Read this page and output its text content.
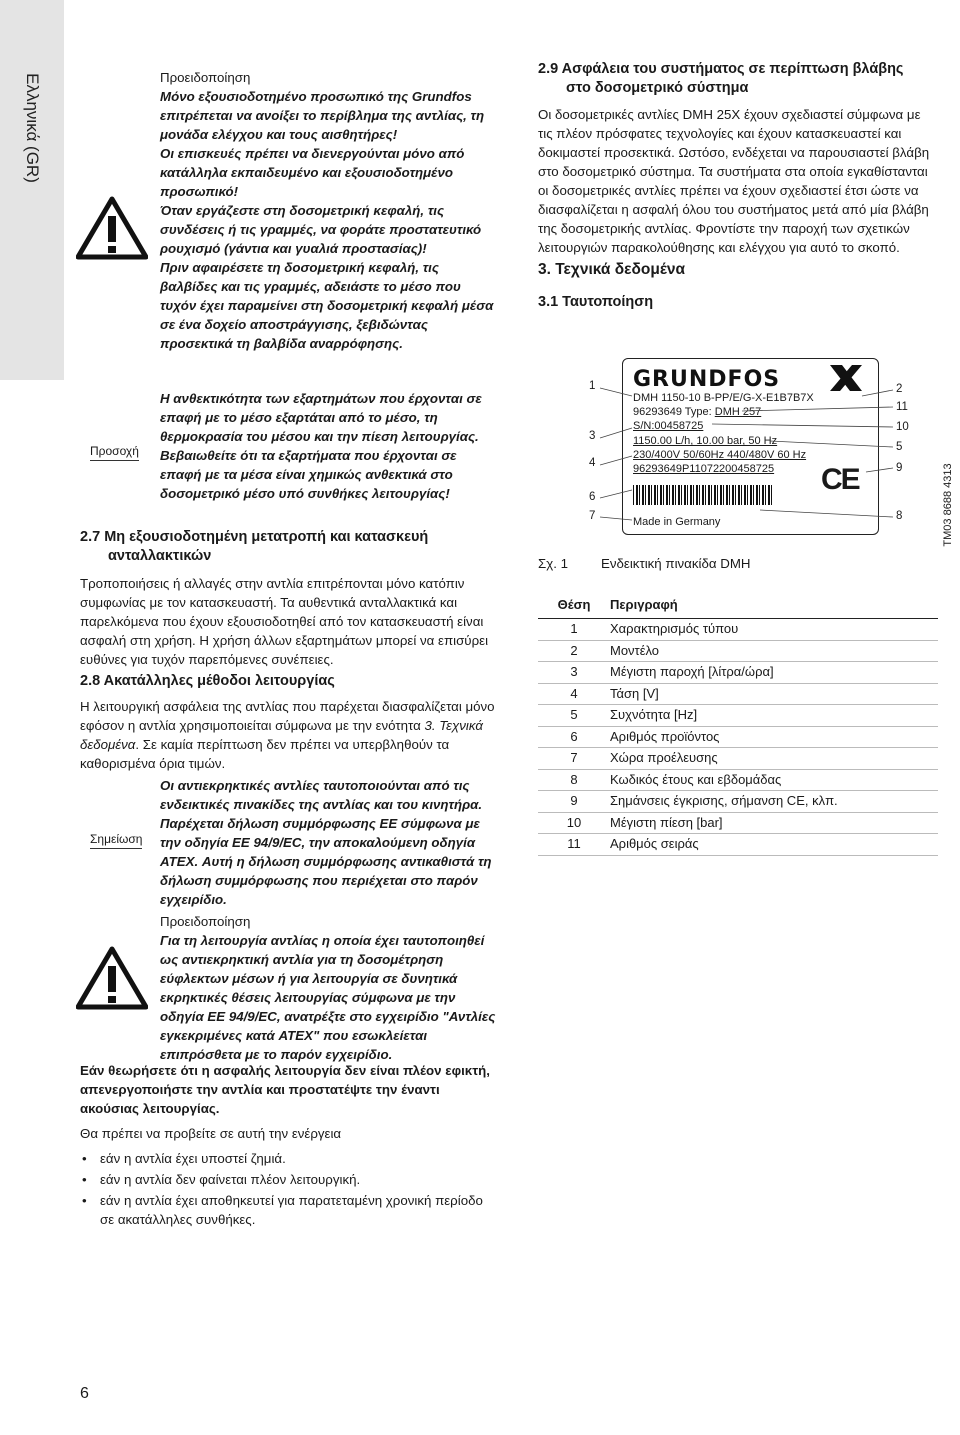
Ελληνικά (GR)	Προειδοποίηση

Μόνο εξουσιοδοτημένο προσωπικό της Grundfos επιτρέπεται να ανοίξει το περίβλημα της αντλίας, τη μονάδα ελέγχου και τους αισθητήρες!

Οι επισκευές πρέπει να διενεργούνται μόνο από κατάλληλα εκπαιδευμένο και εξουσιοδοτημένο προσωπικό!

Όταν εργάζεστε στη δοσομετρική κεφαλή, τις συνδέσεις ή τις γραμμές, να φοράτε προστατευτικό ρουχισμό (γάντια και γυαλιά προστασίας)!

Πριν αφαιρέσετε τη δοσομετρική κεφαλή, τις βαλβίδες και τις γραμμές, αδειάστε το μέσο που τυχόν έχει παραμείνει στη δοσομετρική κεφαλή μέσα σε ένα δοχείο αποστράγγισης, ξεβιδώντας προσεκτικά τη βαλβίδα αναρρόφησης.

Προσοχή

Η ανθεκτικότητα των εξαρτημάτων που έρχονται σε επαφή με το μέσο εξαρτάται από το μέσο, τη θερμοκρασία του μέσου και την πίεση λειτουργίας. Βεβαιωθείτε ότι τα εξαρτήματα που έρχονται σε επαφή με τα μέσα είναι χημικώς ανθεκτικά στο δοσομετρικό μέσο υπό συνθήκες λειτουργίας!

2.7 Μη εξουσιοδοτημένη μετατροπή και κατασκευή

ανταλλακτικών

Τροποποιήσεις ή αλλαγές στην αντλία επιτρέπονται μόνο κατόπιν συμφωνίας με τον κατασκευαστή. Τα αυθεντικά ανταλλακτικά και παρελκόμενα που έχουν εξουσιοδοτηθεί από τον κατασκευαστή είναι ασφαλή στη χρήση. Η χρήση άλλων εξαρτημάτων μπορεί να επισύρει ευθύνες για τυχόν παρεπόμενες συνέπειες.

2.8 Ακατάλληλες μέθοδοι λειτουργίας

Η λειτουργική ασφάλεια της αντλίας που παρέχεται διασφαλίζεται μόνο εφόσον η αντλία χρησιμοποιείται σύμφωνα με την ενότητα 3. Τεχνικά δεδομένα. Σε καμία περίπτωση δεν πρέπει να υπερβληθούν τα καθορισμένα όρια τιμών.

Σημείωση

Οι αντιεκρηκτικές αντλίες ταυτοποιούνται από τις ενδεικτικές πινακίδες της αντλίας και του κινητήρα. Παρέχεται δήλωση συμμόρφωσης ΕΕ σύμφωνα με την οδηγία ΕΕ 94/9/EC, την αποκαλούμενη οδηγία ATEX. Αυτή η δήλωση συμμόρφωσης αντικαθιστά τη δήλωση συμμόρφωσης που περιέχεται στο παρόν εγχειρίδιο.

Προειδοποίηση

Για τη λειτουργία αντλίας η οποία έχει ταυτοποιηθεί ως αντιεκρηκτική αντλία για τη δοσομέτρηση εύφλεκτων μέσων ή για λειτουργία σε δυνητικά εκρηκτικές θέσεις λειτουργίας σύμφωνα με την οδηγία ΕΕ 94/9/EC, ανατρέξτε στο εγχειρίδιο "Αντλίες εγκεκριμένες κατά ATEX" που εσωκλείεται επιπρόσθετα με το παρόν εγχειρίδιο.

Εάν θεωρήσετε ότι η ασφαλής λειτουργία δεν είναι πλέον εφικτή, απενεργοποιήστε την αντλία και προστατέψτε την έναντι ακούσιας λειτουργίας.

Θα πρέπει να προβείτε σε αυτή την ενέργεια

• εάν η αντλία έχει υποστεί ζημιά.
• εάν η αντλία δεν φαίνεται πλέον λειτουργική.
• εάν η αντλία έχει αποθηκευτεί για παρατεταμένη χρονική περίοδο σε ακατάλληλες συνθήκες.

2.9 Ασφάλεια του συστήματος σε περίπτωση βλάβης

στο δοσομετρικό σύστημα

Οι δοσομετρικές αντλίες DMH 25X έχουν σχεδιαστεί σύμφωνα με τις πλέον πρόσφατες τεχνολογίες και έχουν κατασκευαστεί και δοκιμαστεί προσεκτικά. Ωστόσο, ενδέχεται να παρουσιαστεί βλάβη στο δοσομετρικό σύστημα. Τα συστήματα στα οποία εγκαθίστανται οι δοσομετρικές αντλίες πρέπει να έχουν σχεδιαστεί έτσι ώστε να διασφαλίζεται η ασφαλή όλου του συστήματος μετά από μία βλάβη της δοσομετρικής αντλίας. Φροντίστε την παροχή των σχετικών λειτουργιών παρακολούθησης και ελέγχου για αυτό το σκοπό.

3. Τεχνικά δεδομένα

3.1 Ταυτοποίηση

GRUNDFOS
DMH 1150-10 B-PP/E/G-X-E1B7B7X
96293649 Type: DMH 257
S/N:00458725
1150.00 L/h, 10.00 bar, 50 Hz
230/400V 50/60Hz 440/480V 60 Hz
96293649P11072200458725 CE
Made in Germany
1	2
11
10
3
5
4	9
6
7	8	TM03 8688 4313
Σχ. 1 Ενδεικτική πινακίδα DMH
Θέση	Περιγραφή
1	Χαρακτηρισμός τύπου
2	Μοντέλο
3	Μέγιστη παροχή [λίτρα/ώρα]
4	Τάση [V]
5	Συχνότητα [Hz]
6	Αριθμός προϊόντος
7	Χώρα προέλευσης
8	Κωδικός έτους και εβδομάδας
9	Σημάνσεις έγκρισης, σήμανση CE, κλπ.
10	Μέγιστη πίεση [bar]
11	Αριθμός σειράς
6
